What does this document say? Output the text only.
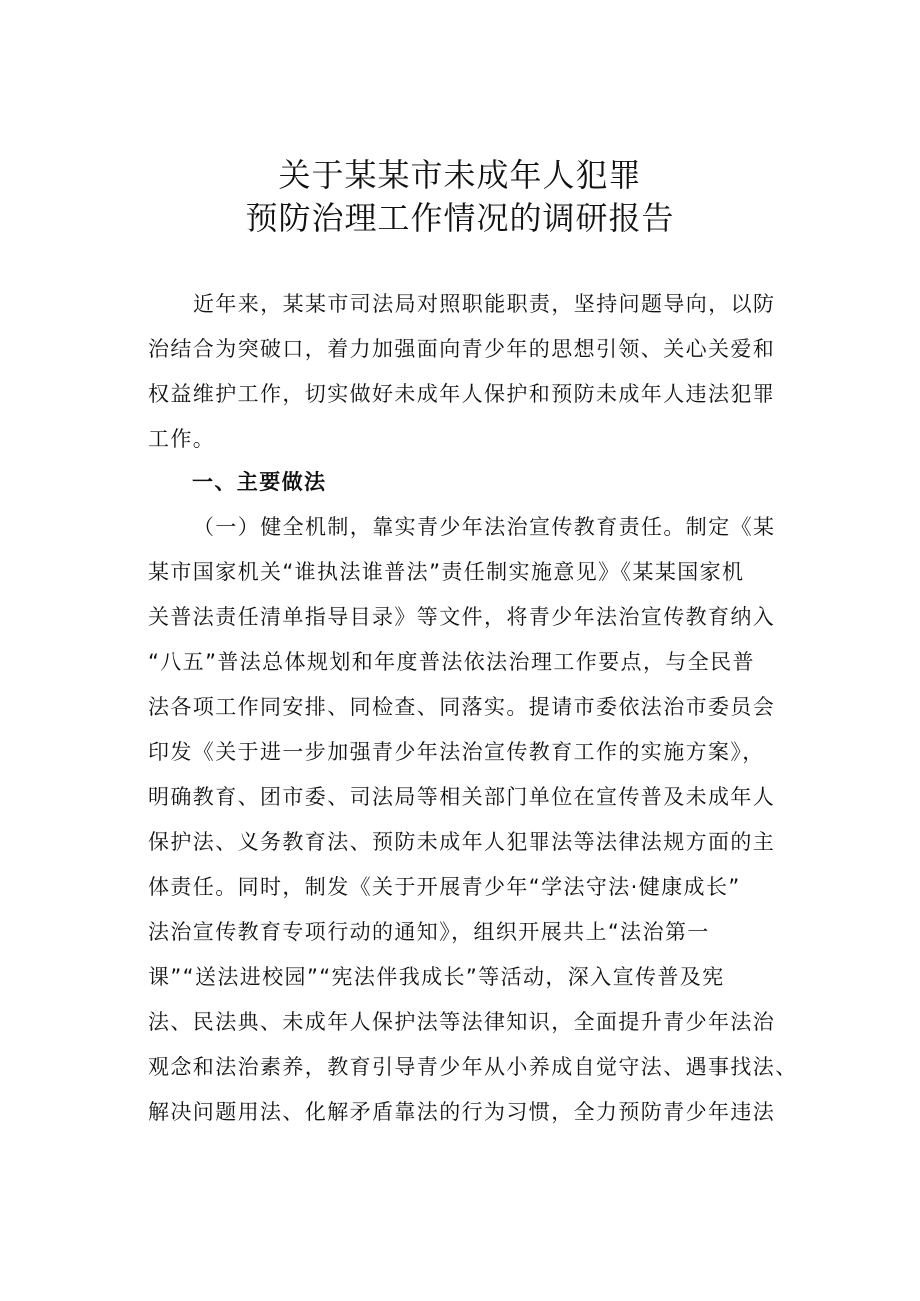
关于某某市未成年人犯罪
预防治理工作情况的调研报告
近年来，某某市司法局对照职能职责，坚持问题导向，以防
治结合为突破口，着力加强面向青少年的思想引领、关心关爱和
权益维护工作，切实做好未成年人保护和预防未成年人违法犯罪
工作。
一、主要做法
（一）健全机制，靠实青少年法治宣传教育责任。制定《某
某市国家机关“谁执法谁普法”责任制实施意见》《某某国家机
关普法责任清单指导目录》等文件，将青少年法治宣传教育纳入
“八五”普法总体规划和年度普法依法治理工作要点，与全民普
法各项工作同安排、同检查、同落实。提请市委依法治市委员会
印发《关于进一步加强青少年法治宣传教育工作的实施方案》，
明确教育、团市委、司法局等相关部门单位在宣传普及未成年人
保护法、义务教育法、预防未成年人犯罪法等法律法规方面的主
体责任。同时，制发《关于开展青少年“学法守法·健康成长”
法治宣传教育专项行动的通知》，组织开展共上“法治第一
课”“送法进校园”“宪法伴我成长”等活动，深入宣传普及宪
法、民法典、未成年人保护法等法律知识，全面提升青少年法治
观念和法治素养，教育引导青少年从小养成自觉守法、遇事找法、
解决问题用法、化解矛盾靠法的行为习惯，全力预防青少年违法
